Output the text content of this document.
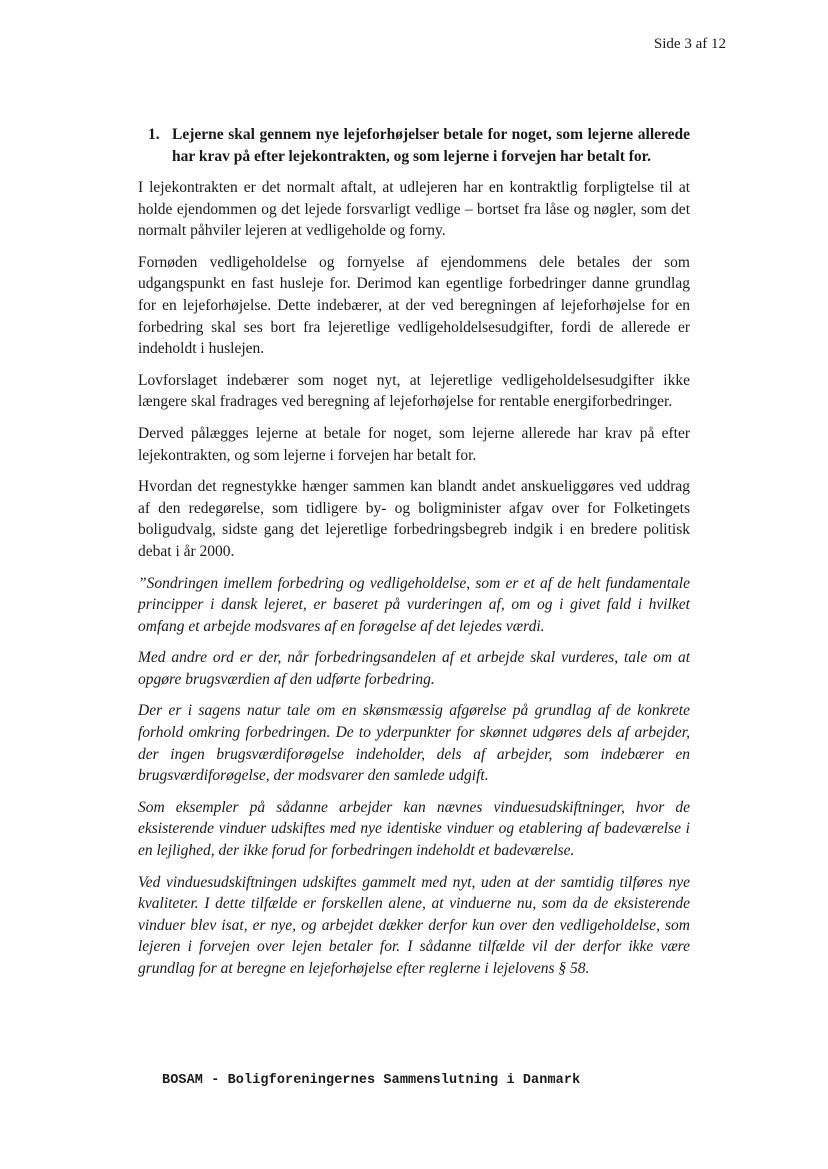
Side 3 af 12
1. Lejerne skal gennem nye lejeforhøjelser betale for noget, som lejerne allerede har krav på efter lejekontrakten, og som lejerne i forvejen har betalt for.

I lejekontrakten er det normalt aftalt, at udlejeren har en kontraktlig forpligtelse til at holde ejendommen og det lejede forsvarligt vedlige – bortset fra låse og nøgler, som det normalt påhviler lejeren at vedligeholde og forny.

Fornøden vedligeholdelse og fornyelse af ejendommens dele betales der som udgangspunkt en fast husleje for. Derimod kan egentlige forbedringer danne grundlag for en lejeforhøjelse. Dette indebærer, at der ved beregningen af lejeforhøjelse for en forbedring skal ses bort fra lejeretlige vedligeholdelsesudgifter, fordi de allerede er indeholdt i huslejen.

Lovforslaget indebærer som noget nyt, at lejeretlige vedligeholdelsesudgifter ikke længere skal fradrages ved beregning af lejeforhøjelse for rentable energiforbedringer.

Derved pålægges lejerne at betale for noget, som lejerne allerede har krav på efter lejekontrakten, og som lejerne i forvejen har betalt for.

Hvordan det regnestykke hænger sammen kan blandt andet anskueliggøres ved uddrag af den redegørelse, som tidligere by- og boligminister afgav over for Folketingets boligudvalg, sidste gang det lejeretlige forbedringsbegreb indgik i en bredere politisk debat i år 2000.

”Sondringen imellem forbedring og vedligeholdelse, som er et af de helt fundamentale principper i dansk lejeret, er baseret på vurderingen af, om og i givet fald i hvilket omfang et arbejde modsvares af en forøgelse af det lejedes værdi.

Med andre ord er der, når forbedringsandelen af et arbejde skal vurderes, tale om at opgøre brugsværdien af den udførte forbedring.

Der er i sagens natur tale om en skønsmæssig afgørelse på grundlag af de konkrete forhold omkring forbedringen. De to yderpunkter for skønnet udgøres dels af arbejder, der ingen brugsværdiforøgelse indeholder, dels af arbejder, som indebærer en brugsværdiforøgelse, der modsvarer den samlede udgift.

Som eksempler på sådanne arbejder kan nævnes vinduesudskiftninger, hvor de eksisterende vinduer udskiftes med nye identiske vinduer og etablering af badeværelse i en lejlighed, der ikke forud for forbedringen indeholdt et badeværelse.

Ved vinduesudskiftningen udskiftes gammelt med nyt, uden at der samtidig tilføres nye kvaliteter. I dette tilfælde er forskellen alene, at vinduerne nu, som da de eksisterende vinduer blev isat, er nye, og arbejdet dækker derfor kun over den vedligeholdelse, som lejeren i forvejen over lejen betaler for. I sådanne tilfælde vil der derfor ikke være grundlag for at beregne en lejeforhøjelse efter reglerne i lejelovens § 58.

BOSAM - Boligforeningernes Sammenslutning i Danmark
